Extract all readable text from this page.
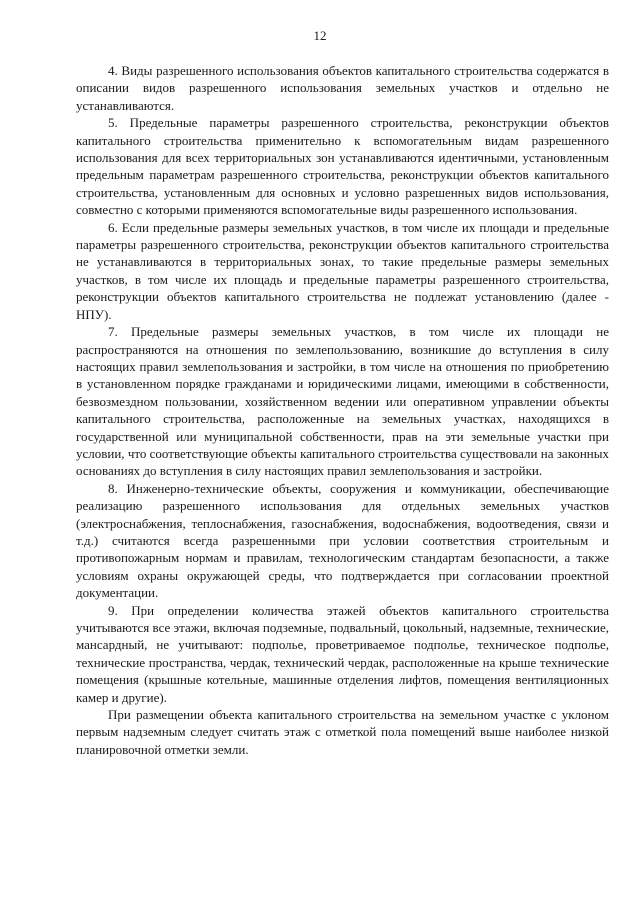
12

4. Виды разрешенного использования объектов капитального строительства содержатся в описании видов разрешенного использования земельных участков и отдельно не устанавливаются.

5. Предельные параметры разрешенного строительства, реконструкции объектов капитального строительства применительно к вспомогательным видам разрешенного использования для всех территориальных зон устанавливаются идентичными, установленным предельным параметрам разрешенного строительства, реконструкции объектов капитального строительства, установленным для основных и условно разрешенных видов использования, совместно с которыми применяются вспомогательные виды разрешенного использования.

6. Если предельные размеры земельных участков, в том числе их площади и предельные параметры разрешенного строительства, реконструкции объектов капитального строительства не устанавливаются в территориальных зонах, то такие предельные размеры земельных участков, в том числе их площадь и предельные параметры разрешенного строительства, реконструкции объектов капитального строительства не подлежат установлению (далее - НПУ).

7. Предельные размеры земельных участков, в том числе их площади не распространяются на отношения по землепользованию, возникшие до вступления в силу настоящих правил землепользования и застройки, в том числе на отношения по приобретению в установленном порядке гражданами и юридическими лицами, имеющими в собственности, безвозмездном пользовании, хозяйственном ведении или оперативном управлении объекты капитального строительства, расположенные на земельных участках, находящихся в государственной или муниципальной собственности, прав на эти земельные участки при условии, что соответствующие объекты капитального строительства существовали на законных основаниях до вступления в силу настоящих правил землепользования и застройки.

8. Инженерно-технические объекты, сооружения и коммуникации, обеспечивающие реализацию разрешенного использования для отдельных земельных участков (электроснабжения, теплоснабжения, газоснабжения, водоснабжения, водоотведения, связи и т.д.) считаются всегда разрешенными при условии соответствия строительным и противопожарным нормам и правилам, технологическим стандартам безопасности, а также условиям охраны окружающей среды, что подтверждается при согласовании проектной документации.

9. При определении количества этажей объектов капитального строительства учитываются все этажи, включая подземные, подвальный, цокольный, надземные, технические, мансардный, не учитывают: подполье, проветриваемое подполье, техническое подполье, технические пространства, чердак, технический чердак, расположенные на крыше технические помещения (крышные котельные, машинные отделения лифтов, помещения вентиляционных камер и другие).

При размещении объекта капитального строительства на земельном участке с уклоном первым надземным следует считать этаж с отметкой пола помещений выше наиболее низкой планировочной отметки земли.
